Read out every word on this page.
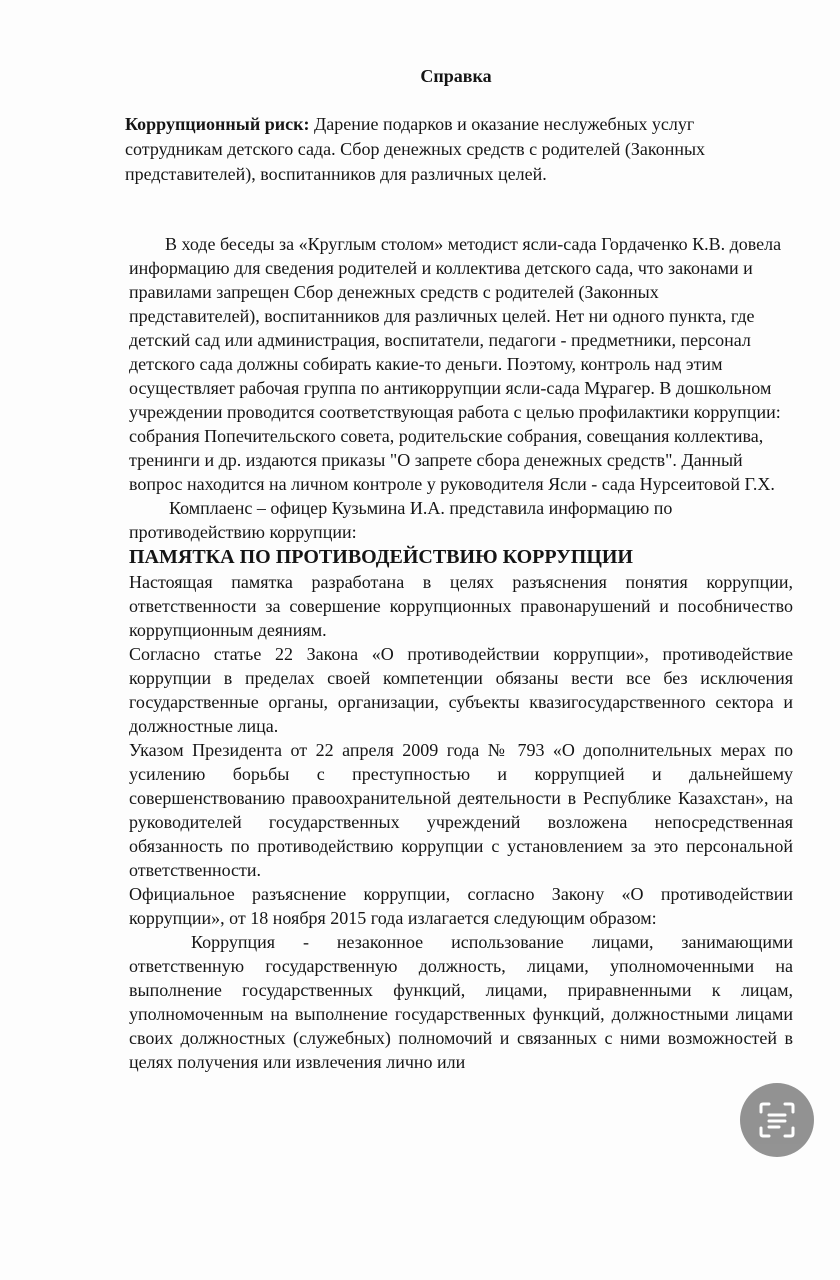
Справка
Коррупционный риск: Дарение подарков и оказание неслужебных услуг сотрудникам детского сада. Сбор денежных средств с родителей (Законных представителей), воспитанников для различных целей.

В ходе беседы за «Круглым столом» методист ясли-сада Гордаченко К.В. довела информацию для сведения родителей и коллектива детского сада, что законами и правилами запрещен Сбор денежных средств с родителей (Законных представителей), воспитанников для различных целей. Нет ни одного пункта, где детский сад или администрация, воспитатели, педагоги - предметники, персонал детского сада должны собирать какие-то деньги. Поэтому, контроль над этим осуществляет рабочая группа по антикоррупции ясли-сада Мұрагер. В дошкольном учреждении проводится соответствующая работа с целью профилактики коррупции:

собрания Попечительского совета, родительские собрания, совещания коллектива, тренинги и др. издаются приказы "О запрете сбора денежных средств". Данный вопрос находится на личном контроле у руководителя Ясли - сада Нурсеитовой Г.Х.

Комплаенс – офицер Кузьмина И.А. представила информацию по противодействию коррупции:

ПАМЯТКА ПО ПРОТИВОДЕЙСТВИЮ КОРРУПЦИИ

Настоящая памятка разработана в целях разъяснения понятия коррупции, ответственности за совершение коррупционных правонарушений и пособничество коррупционным деяниям.

Согласно статье 22 Закона «О противодействии коррупции», противодействие коррупции в пределах своей компетенции обязаны вести все без исключения государственные органы, организации, субъекты квазигосударственного сектора и должностные лица.

Указом Президента от 22 апреля 2009 года № 793 «О дополнительных мерах по усилению борьбы с преступностью и коррупцией и дальнейшему совершенствованию правоохранительной деятельности в Республике Казахстан», на руководителей государственных учреждений возложена непосредственная обязанность по противодействию коррупции с установлением за это персональной ответственности.

Официальное разъяснение коррупции, согласно Закону «О противодействии коррупции», от 18 ноября 2015 года излагается следующим образом:

Коррупция - незаконное использование лицами, занимающими ответственную государственную должность, лицами, уполномоченными на выполнение государственных функций, лицами, приравненными к лицам, уполномоченным на выполнение государственных функций, должностными лицами своих должностных (служебных) полномочий и связанных с ними возможностей в целях получения или извлечения лично или
